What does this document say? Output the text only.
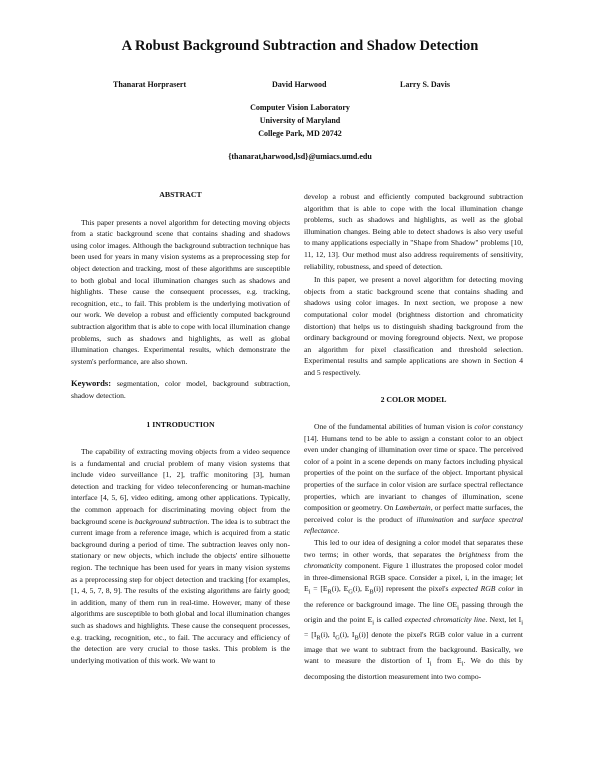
A Robust Background Subtraction and Shadow Detection
Thanarat Horprasert	David Harwood	Larry S. Davis
Computer Vision Laboratory
University of Maryland
College Park, MD 20742
{thanarat,harwood,lsd}@umiacs.umd.edu
ABSTRACT

This paper presents a novel algorithm for detecting moving objects from a static background scene that contains shading and shadows using color images. Although the background subtraction technique has been used for years in many vision systems as a preprocessing step for object detection and tracking, most of these algorithms are susceptible to both global and local illumination changes such as shadows and highlights. These cause the consequent processes, e.g. tracking, recognition, etc., to fail. This problem is the underlying motivation of our work. We develop a robust and efficiently computed background subtraction algorithm that is able to cope with local illumination change problems, such as shadows and highlights, as well as global illumination changes. Experimental results, which demonstrate the system's performance, are also shown.

Keywords: segmentation, color model, background subtraction, shadow detection.

1 INTRODUCTION

The capability of extracting moving objects from a video sequence is a fundamental and crucial problem of many vision systems that include video surveillance [1, 2], traffic monitoring [3], human detection and tracking for video teleconferencing or human-machine interface [4, 5, 6], video editing, among other applications. Typically, the common approach for discriminating moving object from the background scene is background subtraction. The idea is to subtract the current image from a reference image, which is acquired from a static background during a period of time. The subtraction leaves only non-stationary or new objects, which include the objects' entire silhouette region. The technique has been used for years in many vision systems as a preprocessing step for object detection and tracking [for examples, [1, 4, 5, 7, 8, 9]. The results of the existing algorithms are fairly good; in addition, many of them run in real-time. However, many of these algorithms are susceptible to both global and local illumination changes such as shadows and highlights. These cause the consequent processes, e.g. tracking, recognition, etc., to fail. The accuracy and efficiency of the detection are very crucial to those tasks. This problem is the underlying motivation of this work. We want to

develop a robust and efficiently computed background subtraction algorithm that is able to cope with the local illumination change problems, such as shadows and highlights, as well as the global illumination changes. Being able to detect shadows is also very useful to many applications especially in "Shape from Shadow" problems [10, 11, 12, 13]. Our method must also address requirements of sensitivity, reliability, robustness, and speed of detection.

In this paper, we present a novel algorithm for detecting moving objects from a static background scene that contains shading and shadows using color images. In next section, we propose a new computational color model (brightness distortion and chromaticity distortion) that helps us to distinguish shading background from the ordinary background or moving foreground objects. Next, we propose an algorithm for pixel classification and threshold selection. Experimental results and sample applications are shown in Section 4 and 5 respectively.

2 COLOR MODEL

One of the fundamental abilities of human vision is color constancy [14]. Humans tend to be able to assign a constant color to an object even under changing of illumination over time or space. The perceived color of a point in a scene depends on many factors including physical properties of the point on the surface of the object. Important physical properties of the surface in color vision are surface spectral reflectance properties, which are invariant to changes of illumination, scene composition or geometry. On Lambertain, or perfect matte surfaces, the perceived color is the product of illumination and surface spectral reflectance.

This led to our idea of designing a color model that separates these two terms; in other words, that separates the brightness from the chromaticity component. Figure 1 illustrates the proposed color model in three-dimensional RGB space. Consider a pixel, i, in the image; let $E_i = [E_R(i)$, $E_G(i)$, $E_B(i)$] represent the pixel's expected RGB color in the reference or background image. The line $OE_i$ passing through the origin and the point $E_i$ is called expected chromaticity line. Next, let $I_i = [I_R(i)$, $I_G(i)$, $I_B(i)$] denote the pixel's RGB color value in a current image that we want to subtract from the background. Basically, we want to measure the distortion of $I_i$ from $E_i$. We do this by decomposing the distortion measurement into two compo-
